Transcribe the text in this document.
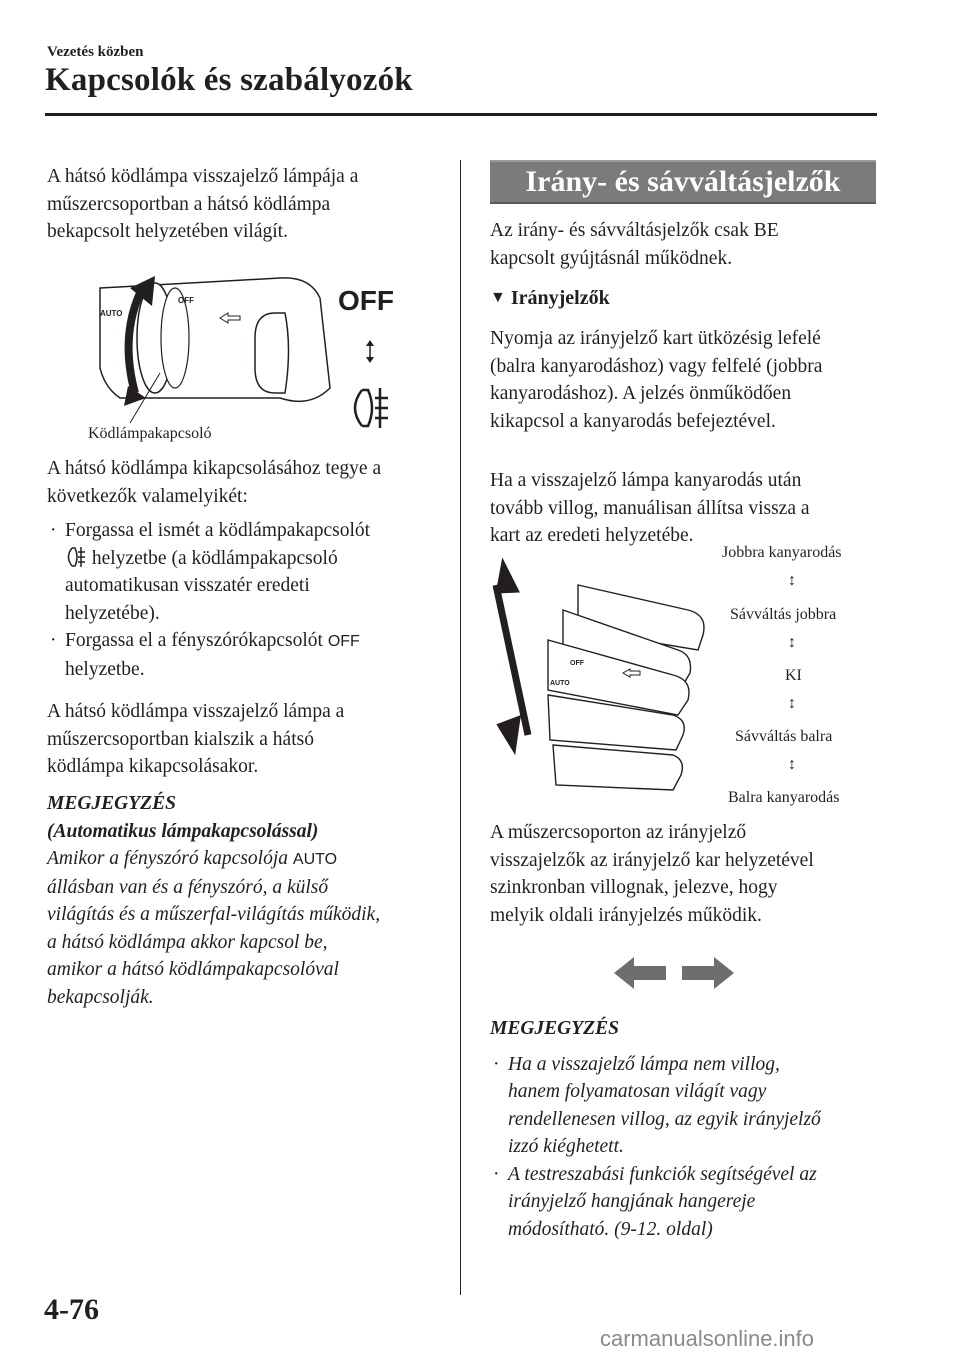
Vezetés közben
Kapcsolók és szabályozók

A hátsó ködlámpa visszajelző lámpája a

műszercsoportban a hátsó ködlámpa

bekapcsolt helyzetében világít.

OFF
AUTO	OFF
Ködlámpakapcsoló

A hátsó ködlámpa kikapcsolásához tegye a

következők valamelyikét:

· Forgassa el ismét a ködlámpakapcsolót

helyzetbe (a ködlámpakapcsoló

automatikusan visszatér eredeti

helyzetébe).

· Forgassa el a fényszórókapcsolót OFF

helyzetbe.

A hátsó ködlámpa visszajelző lámpa a

műszercsoportban kialszik a hátsó

ködlámpa kikapcsolásakor.

MEGJEGYZÉS

(Automatikus lámpakapcsolással)

Amikor a fényszóró kapcsolója AUTO

állásban van és a fényszóró, a külső

világítás és a műszerfal-világítás működik,

a hátsó ködlámpa akkor kapcsol be,

amikor a hátsó ködlámpakapcsolóval

bekapcsolják.

Irány- és sávváltásjelzők

Az irány- és sávváltásjelzők csak BE

kapcsolt gyújtásnál működnek.

▼ Irányjelzők

Nyomja az irányjelző kart ütközésig lefelé

(balra kanyarodáshoz) vagy felfelé (jobbra

kanyarodáshoz). A jelzés önműködően

kikapcsol a kanyarodás befejeztével.

Ha a visszajelző lámpa kanyarodás után

tovább villog, manuálisan állítsa vissza a

kart az eredeti helyzetébe.

OFF
AUTO
Jobbra kanyarodás
↕
Sávváltás jobbra
↕
KI
↕
Sávváltás balra
↕
Balra kanyarodás

A műszercsoporton az irányjelző

visszajelzők az irányjelző kar helyzetével

szinkronban villognak, jelezve, hogy

melyik oldali irányjelzés működik.

MEGJEGYZÉS

· Ha a visszajelző lámpa nem villog,

hanem folyamatosan világít vagy

rendellenesen villog, az egyik irányjelző

izzó kiéghetett.

· A testreszabási funkciók segítségével az

irányjelző hangjának hangereje

módosítható. (9-12. oldal)

4-76
carmanualsonline.info
